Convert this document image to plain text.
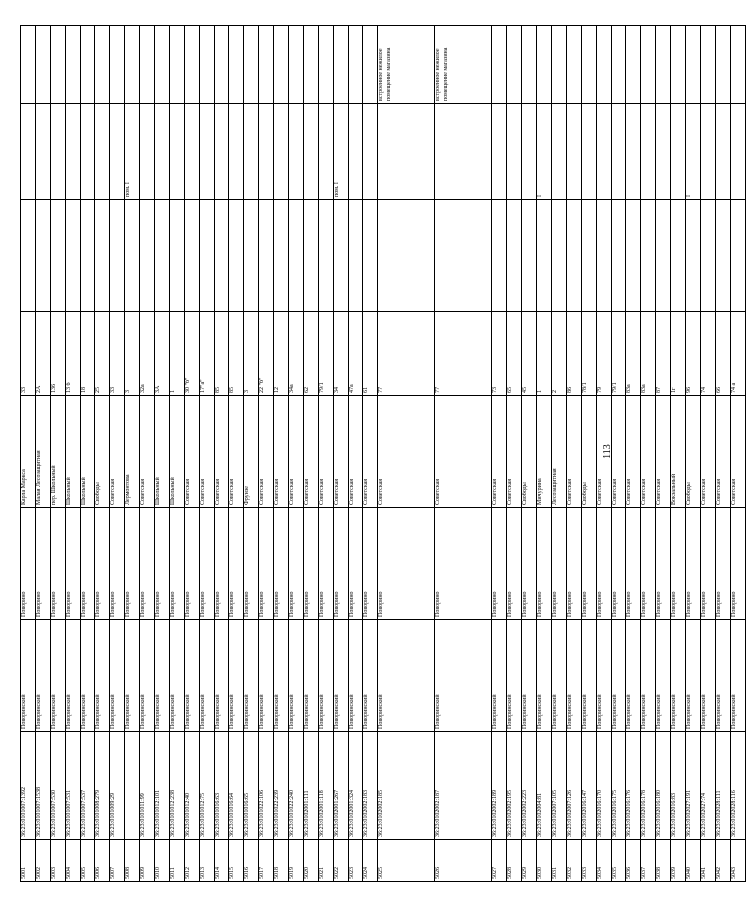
113
5001	36:23:0101007:1392	Поворинский	Поворино	Карла Маркса	33			
5002	36:23:0101007:1538	Поворинский	Поворино	Малая Лесозащитная	2А			
5003	36:23:0101007:530	Поворинский	Поворино	пер. Школьный	136			
5004	36:23:0101007:531	Поворинский	Поворино	Школьный	13 б			
5005	36:23:0101007:537	Поворинский	Поворино	Школьный	18			
5006	36:23:0101008:279	Поворинский	Поворино	Свободы	25			
5007	36:23:0101009:29	Поворинский	Поворино	Советская	33			
5008		Поворинский	Поворино	Лермонтова	3		пом. I	
5009	36:23:0101011:99	Поворинский	Поворино	Советская	32а			
5010	36:23:0101012:101	Поворинский	Поворино	Школьный	3А			
5011	36:23:0101012:238	Поворинский	Поворино	Школьный	1			
5012	36:23:0101012:40	Поворинский	Поворино	Советская	30 "б"			
5013	36:23:0101012:75	Поворинский	Поворино	Советская	17"а"			
5014	36:23:0101016:63	Поворинский	Поворино	Советская	85			
5015	36:23:0101016:64	Поворинский	Поворино	Советская	85			
5016	36:23:0101016:65	Поворинский	Поворино	Фрунзе	3			
5017	36:23:0101022:106	Поворинский	Поворино	Советская	22 "б"			
5018	36:23:0101022:239	Поворинский	Поворино	Советская	12			
5019	36:23:0101022:240	Поворинский	Поворино	Советская	34а			
5020	36:23:0102001:111	Поворинский	Поворино	Советская	62			
5021	36:23:0102001:118	Поворинский	Поворино	Советская	79/1			
5022	36:23:0102001:267	Поворинский	Поворино	Советская	34		пом. I	
5023	36:23:0102001:324	Поворинский	Поворино	Советская	47а			
5024	36:23:0102002:183	Поворинский	Поворино	Советская	61			
5025	36:23:0102002:185	Поворинский	Поворино	Советская	77			встроенное нежилое помещение магазина
5026	36:23:0102002:187	Поворинский	Поворино	Советская	77			встроенное нежилое помещение магазина
5027	36:23:0102002:189	Поворинский	Поворино	Советская	73			
5028	36:23:0102002:195	Поворинский	Поворино	Советская	65			
5029	36:23:0102002:223	Поворинский	Поворино	Свободы	45			
5030	36:23:0102004:81	Поворинский	Поворино	Мичурина	1		I	
5031	36:23:0102007:105	Поворинский	Поворино	Лесозащитная	2			
5032	36:23:0102007:126	Поворинский	Поворино	Советская	86			
5033	36:23:0102016:147	Поворинский	Поворино	Свободы	78/1			
5034	36:23:0102016:170	Поворинский	Поворино	Советская	79			
5035	36:23:0102016:175	Поворинский	Поворино	Советская	79/1			
5036	36:23:0102016:176	Поворинский	Поворино	Советская	83а			
5037	36:23:0102016:178	Поворинский	Поворино	Советская	83а			
5038	36:23:0102016:180	Поворинский	Поворино	Советская	87			
5039	36:23:0102016:83	Поворинский	Поворино	Вокзальный	1г			
5040	36:23:0102027:191	Поворинский	Поворино	Свободы	96		I	
5041	36:23:0102027:74	Поворинский	Поворино	Советская	74			
5042	36:23:0102028:111	Поворинский	Поворино	Советская	66			
5043	36:23:0102028:116	Поворинский	Поворино	Советская	74 а			
